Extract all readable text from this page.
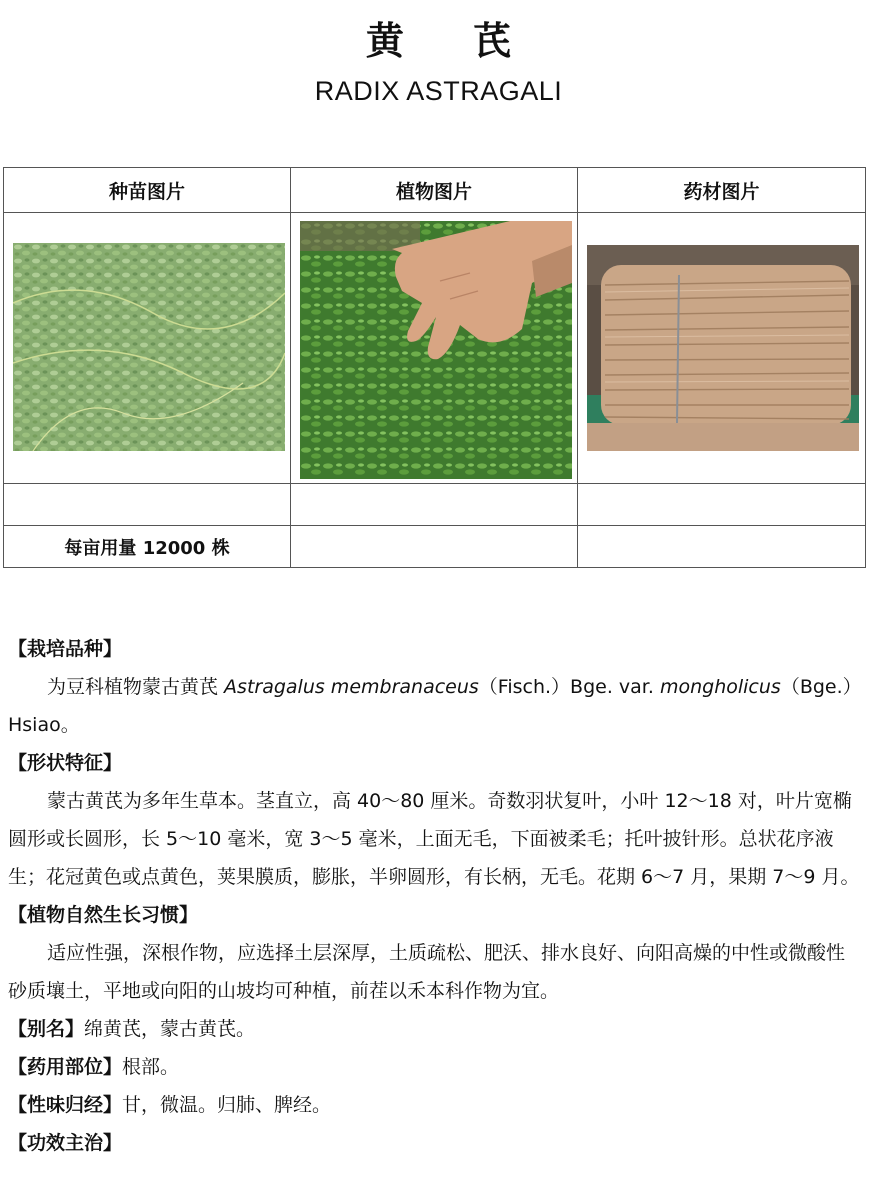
黄 芪
RADIX ASTRAGALI
种苗图片	植物图片	药材图片

每亩用量 12000 株		

【栽培品种】

为豆科植物蒙古黄芪 Astragalus membranaceus（Fisch.）Bge. var. mongholicus（Bge.）Hsiao。

【形状特征】

蒙古黄芪为多年生草本。茎直立，高 40～80 厘米。奇数羽状复叶，小叶 12～18 对，叶片宽椭圆形或长圆形，长 5～10 毫米，宽 3～5 毫米，上面无毛，下面被柔毛；托叶披针形。总状花序液生；花冠黄色或点黄色，荚果膜质，膨胀，半卵圆形，有长柄，无毛。花期 6～7 月，果期 7～9 月。

【植物自然生长习惯】

适应性强，深根作物，应选择土层深厚，土质疏松、肥沃、排水良好、向阳高燥的中性或微酸性砂质壤土，平地或向阳的山坡均可种植，前茬以禾本科作物为宜。

【别名】绵黄芪，蒙古黄芪。

【药用部位】根部。

【性味归经】甘，微温。归肺、脾经。

【功效主治】
